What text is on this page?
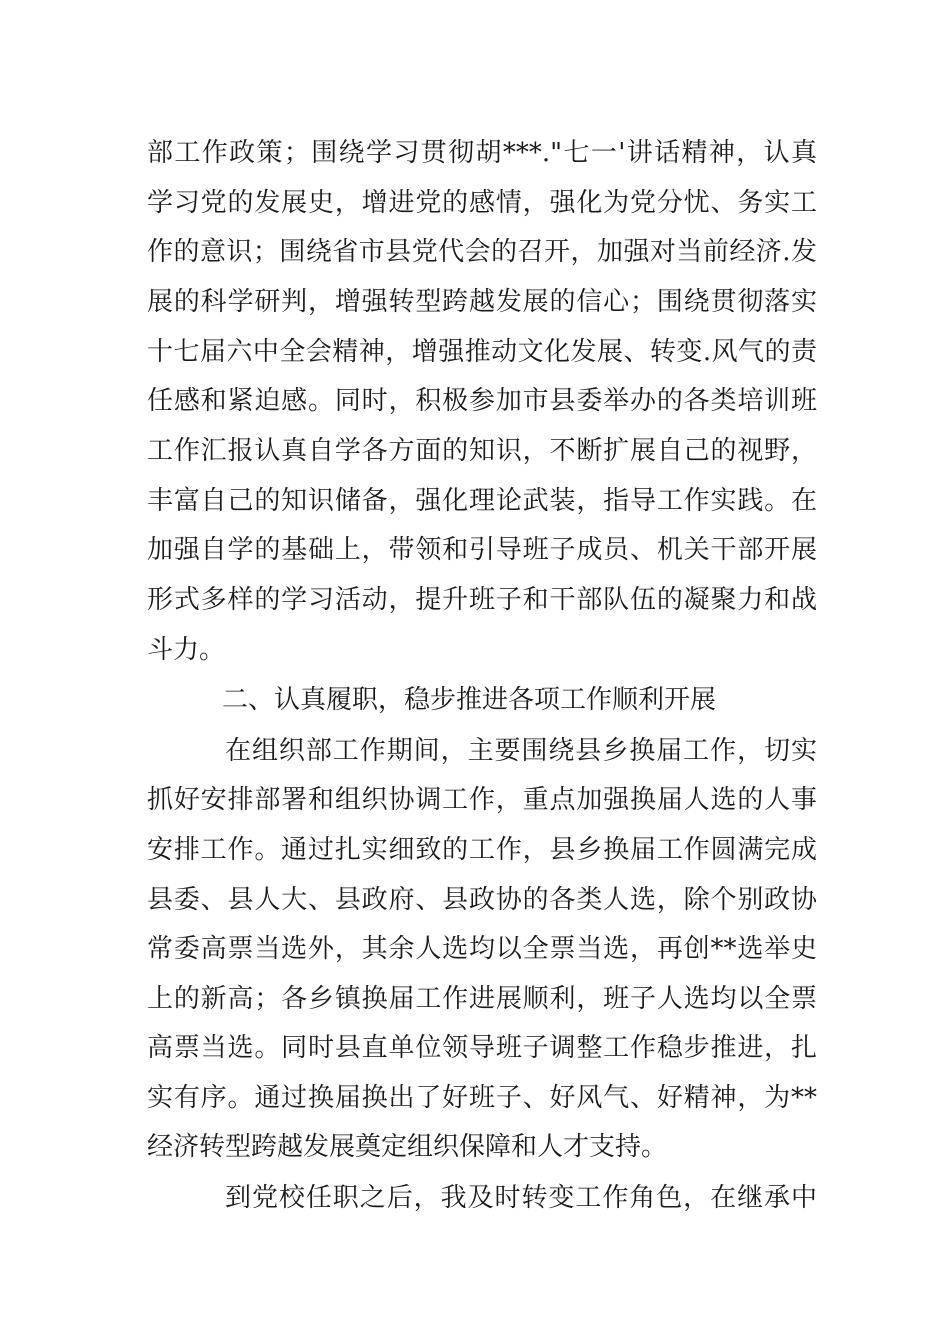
部工作政策；围绕学习贯彻胡***."七一'讲话精神，认真
学习党的发展史，增进党的感情，强化为党分忧、务实工
作的意识；围绕省市县党代会的召开，加强对当前经济.发
展的科学研判，增强转型跨越发展的信心；围绕贯彻落实
十七届六中全会精神，增强推动文化发展、转变.风气的责
任感和紧迫感。同时，积极参加市县委举办的各类培训班
工作汇报认真自学各方面的知识，不断扩展自己的视野，
丰富自己的知识储备，强化理论武装，指导工作实践。在
加强自学的基础上，带领和引导班子成员、机关干部开展
形式多样的学习活动，提升班子和干部队伍的凝聚力和战
斗力。
二、认真履职，稳步推进各项工作顺利开展
在组织部工作期间，主要围绕县乡换届工作，切实
抓好安排部署和组织协调工作，重点加强换届人选的人事
安排工作。通过扎实细致的工作，县乡换届工作圆满完成
县委、县人大、县政府、县政协的各类人选，除个别政协
常委高票当选外，其余人选均以全票当选，再创**选举史
上的新高；各乡镇换届工作进展顺利，班子人选均以全票
高票当选。同时县直单位领导班子调整工作稳步推进，扎
实有序。通过换届换出了好班子、好风气、好精神，为**
经济转型跨越发展奠定组织保障和人才支持。
到党校任职之后，我及时转变工作角色，在继承中
